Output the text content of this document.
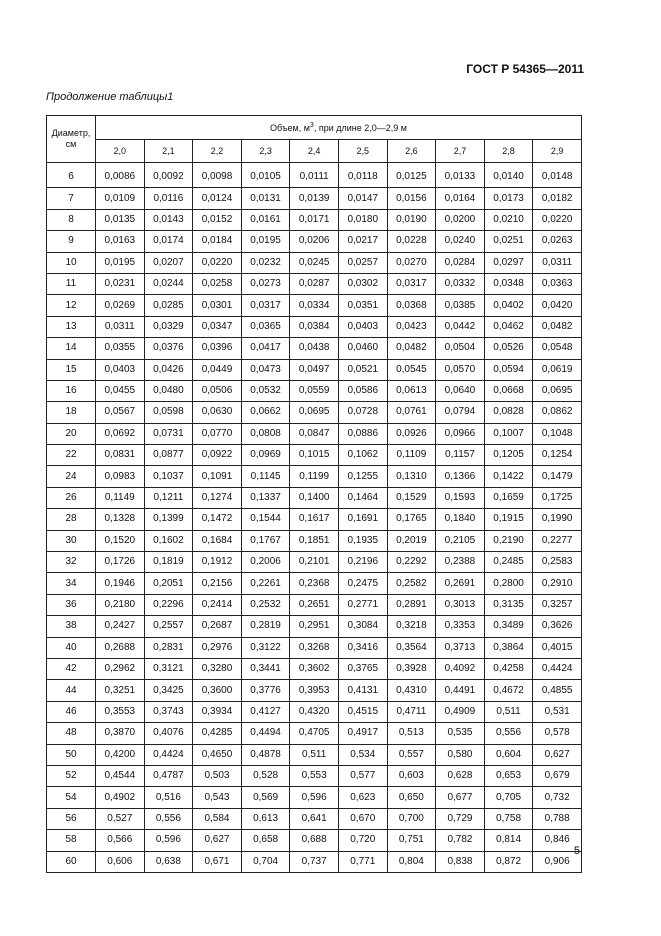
ГОСТ Р 54365—2011
Продолжение таблицы1
Диаметр,
см	Объем, $м^3$, при длине 2,0—2,9 м									
	2,0	2,1	2,2	2,3	2,4	2,5	2,6	2,7	2,8	2,9
6	0,0086	0,0092	0,0098	0,0105	0,0111	0,0118	0,0125	0,0133	0,0140	0,0148
7	0,0109	0,0116	0,0124	0,0131	0,0139	0,0147	0,0156	0,0164	0,0173	0,0182
8	0,0135	0,0143	0,0152	0,0161	0,0171	0,0180	0,0190	0,0200	0,0210	0,0220
9	0,0163	0,0174	0,0184	0,0195	0,0206	0,0217	0,0228	0,0240	0,0251	0,0263
10	0,0195	0,0207	0,0220	0,0232	0,0245	0,0257	0,0270	0,0284	0,0297	0,0311
11	0,0231	0,0244	0,0258	0,0273	0,0287	0,0302	0,0317	0,0332	0,0348	0,0363
12	0,0269	0,0285	0,0301	0,0317	0,0334	0,0351	0,0368	0,0385	0,0402	0,0420
13	0,0311	0,0329	0,0347	0,0365	0,0384	0,0403	0,0423	0,0442	0,0462	0,0482
14	0,0355	0,0376	0,0396	0,0417	0,0438	0,0460	0,0482	0,0504	0,0526	0,0548
15	0,0403	0,0426	0,0449	0,0473	0,0497	0,0521	0,0545	0,0570	0,0594	0,0619
16	0,0455	0,0480	0,0506	0,0532	0,0559	0,0586	0,0613	0,0640	0,0668	0,0695
18	0,0567	0,0598	0,0630	0,0662	0,0695	0,0728	0,0761	0,0794	0,0828	0,0862
20	0,0692	0,0731	0,0770	0,0808	0,0847	0,0886	0,0926	0,0966	0,1007	0,1048
22	0,0831	0,0877	0,0922	0,0969	0,1015	0,1062	0,1109	0,1157	0,1205	0,1254
24	0,0983	0,1037	0,1091	0,1145	0,1199	0,1255	0,1310	0,1366	0,1422	0,1479
26	0,1149	0,1211	0,1274	0,1337	0,1400	0,1464	0,1529	0,1593	0,1659	0,1725
28	0,1328	0,1399	0,1472	0,1544	0,1617	0,1691	0,1765	0,1840	0,1915	0,1990
30	0,1520	0,1602	0,1684	0,1767	0,1851	0,1935	0,2019	0,2105	0,2190	0,2277
32	0,1726	0,1819	0,1912	0,2006	0,2101	0,2196	0,2292	0,2388	0,2485	0,2583
34	0,1946	0,2051	0,2156	0,2261	0,2368	0,2475	0,2582	0,2691	0,2800	0,2910
36	0,2180	0,2296	0,2414	0,2532	0,2651	0,2771	0,2891	0,3013	0,3135	0,3257
38	0,2427	0,2557	0,2687	0,2819	0,2951	0,3084	0,3218	0,3353	0,3489	0,3626
40	0,2688	0,2831	0,2976	0,3122	0,3268	0,3416	0,3564	0,3713	0,3864	0,4015
42	0,2962	0,3121	0,3280	0,3441	0,3602	0,3765	0,3928	0,4092	0,4258	0,4424
44	0,3251	0,3425	0,3600	0,3776	0,3953	0,4131	0,4310	0,4491	0,4672	0,4855
46	0,3553	0,3743	0,3934	0,4127	0,4320	0,4515	0,4711	0,4909	0,511	0,531
48	0,3870	0,4076	0,4285	0,4494	0,4705	0,4917	0,513	0,535	0,556	0,578
50	0,4200	0,4424	0,4650	0,4878	0,511	0,534	0,557	0,580	0,604	0,627
52	0,4544	0,4787	0,503	0,528	0,553	0,577	0,603	0,628	0,653	0,679
54	0,4902	0,516	0,543	0,569	0,596	0,623	0,650	0,677	0,705	0,732
56	0,527	0,556	0,584	0,613	0,641	0,670	0,700	0,729	0,758	0,788
58	0,566	0,596	0,627	0,658	0,688	0,720	0,751	0,782	0,814	0,846
60	0,606	0,638	0,671	0,704	0,737	0,771	0,804	0,838	0,872	0,906
5
